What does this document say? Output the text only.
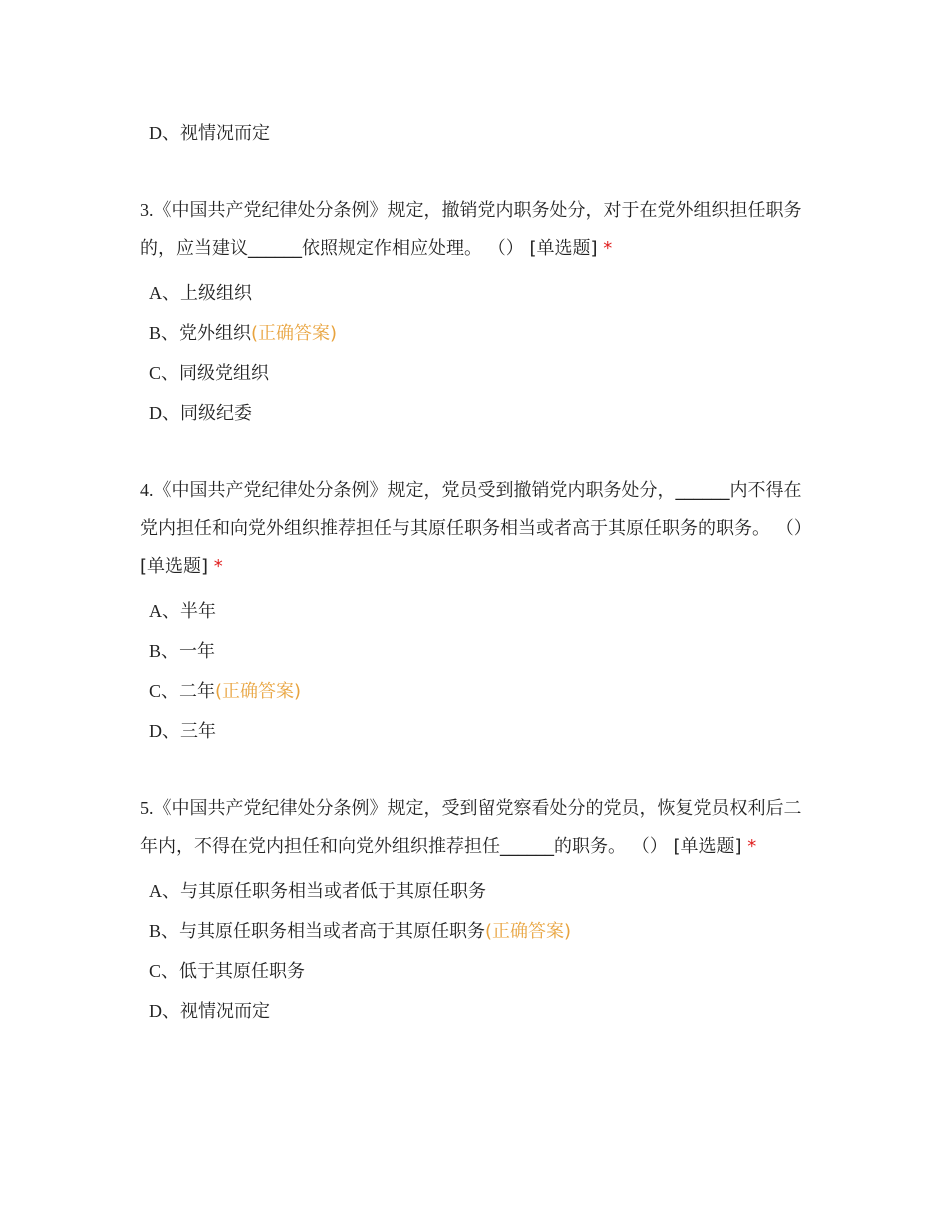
D、视情况而定
3.《中国共产党纪律处分条例》规定，撤销党内职务处分，对于在党外组织担任职务的，应当建议______依照规定作相应处理。 （） [单选题] *
A、上级组织
B、党外组织(正确答案)
C、同级党组织
D、同级纪委
4.《中国共产党纪律处分条例》规定，党员受到撤销党内职务处分，______内不得在党内担任和向党外组织推荐担任与其原任职务相当或者高于其原任职务的职务。 （） [单选题] *
A、半年
B、一年
C、二年(正确答案)
D、三年
5.《中国共产党纪律处分条例》规定，受到留党察看处分的党员，恢复党员权利后二年内，不得在党内担任和向党外组织推荐担任______的职务。 （） [单选题] *
A、与其原任职务相当或者低于其原任职务
B、与其原任职务相当或者高于其原任职务(正确答案)
C、低于其原任职务
D、视情况而定
